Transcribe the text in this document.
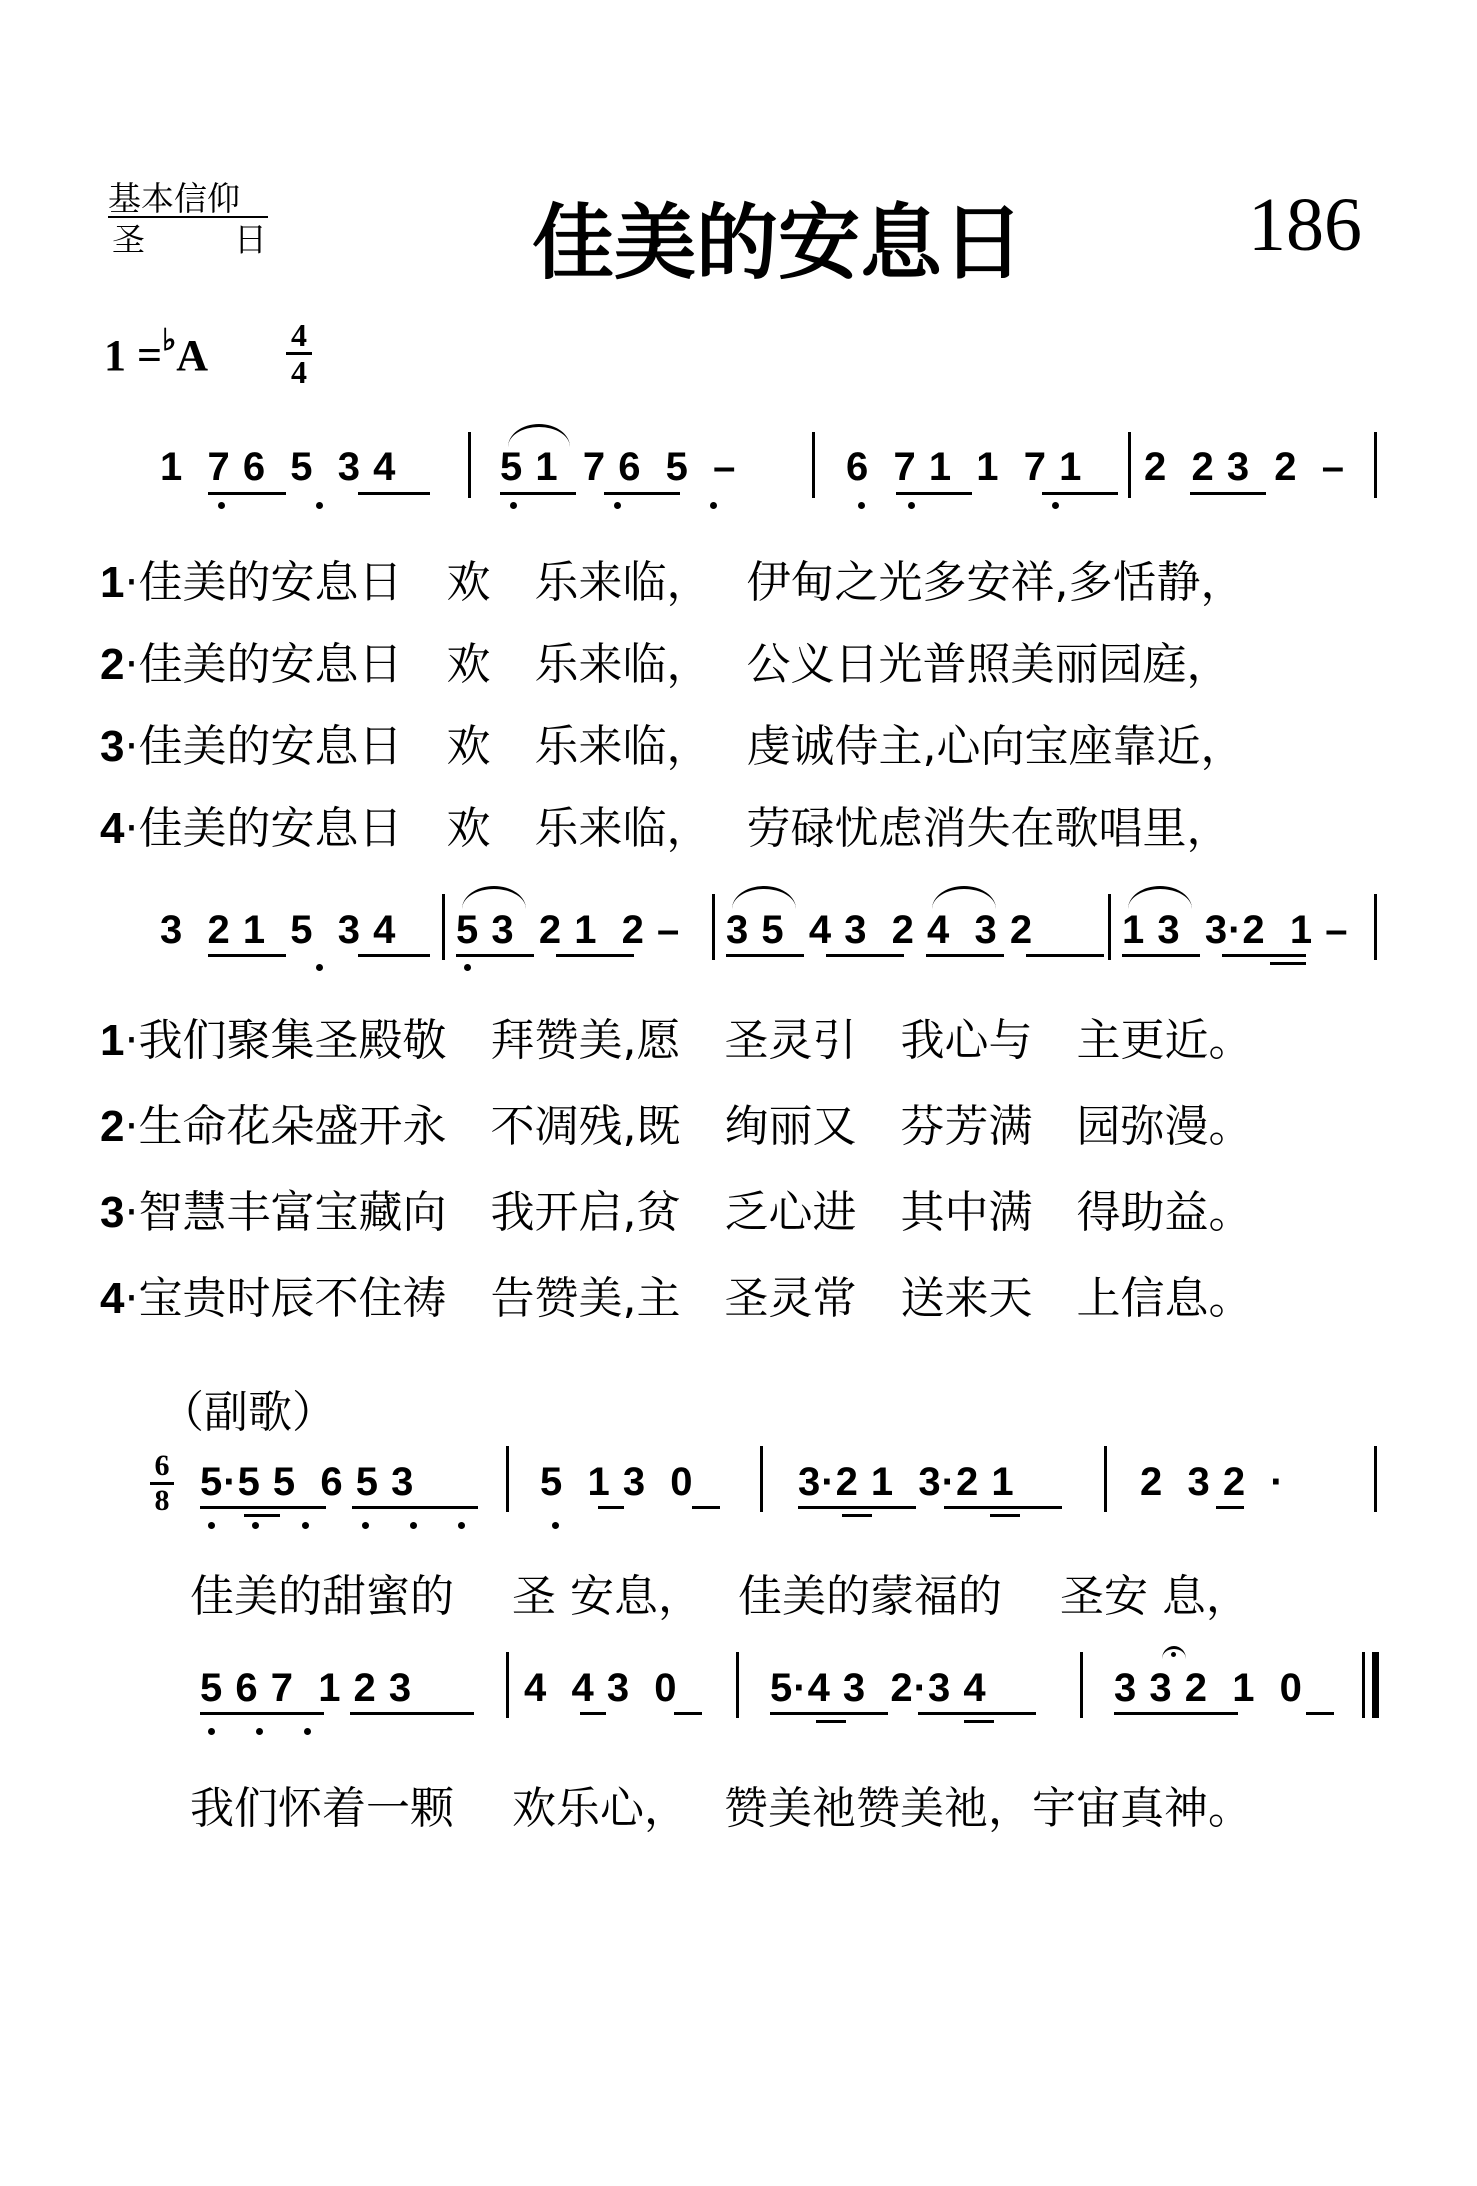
基本信仰
圣	日	佳美的安息日	186
1 =♭A	4
4
1  7 6  5  3 4	5 1  7 6  5  –	6  7 1  1  7 1 2  2 3  2  –
1·佳美的安息日　欢　乐来临，　 伊甸之光多安祥,多恬静，
2·佳美的安息日　欢　乐来临，　 公义日光普照美丽园庭，
3·佳美的安息日　欢　乐来临，　 虔诚侍主,心向宝座靠近，
4·佳美的安息日　欢　乐来临，　 劳碌忧虑消失在歌唱里，
3  2 1  5  3 4 5 3  2 1  2 – 3 5  4 3  2 4  3 2 1 3  3·2  1 –
1·我们聚集圣殿敬　拜赞美,愿　圣灵引　我心与　主更近。
2·生命花朵盛开永　不凋残,既　绚丽又　芬芳满　园弥漫。
3·智慧丰富宝藏向　我开启,贫　乏心进　其中满　得助益。
4·宝贵时辰不住祷　告赞美,主　圣灵常　送来天　上信息。
（副歌）
6
8 5·5 5  6 5 3	5  1 3  0	3·2 1  3·2 1	2  3 2  ·
佳美的甜蜜的　 圣 安息，　 佳美的蒙福的　 圣安 息，
5 6 7  1 2 3	4  4 3  0 5·4 3  2·3 4	3 3 2  1  0
我们怀着一颗　 欢乐心，　 赞美祂赞美祂，宇宙真神。
